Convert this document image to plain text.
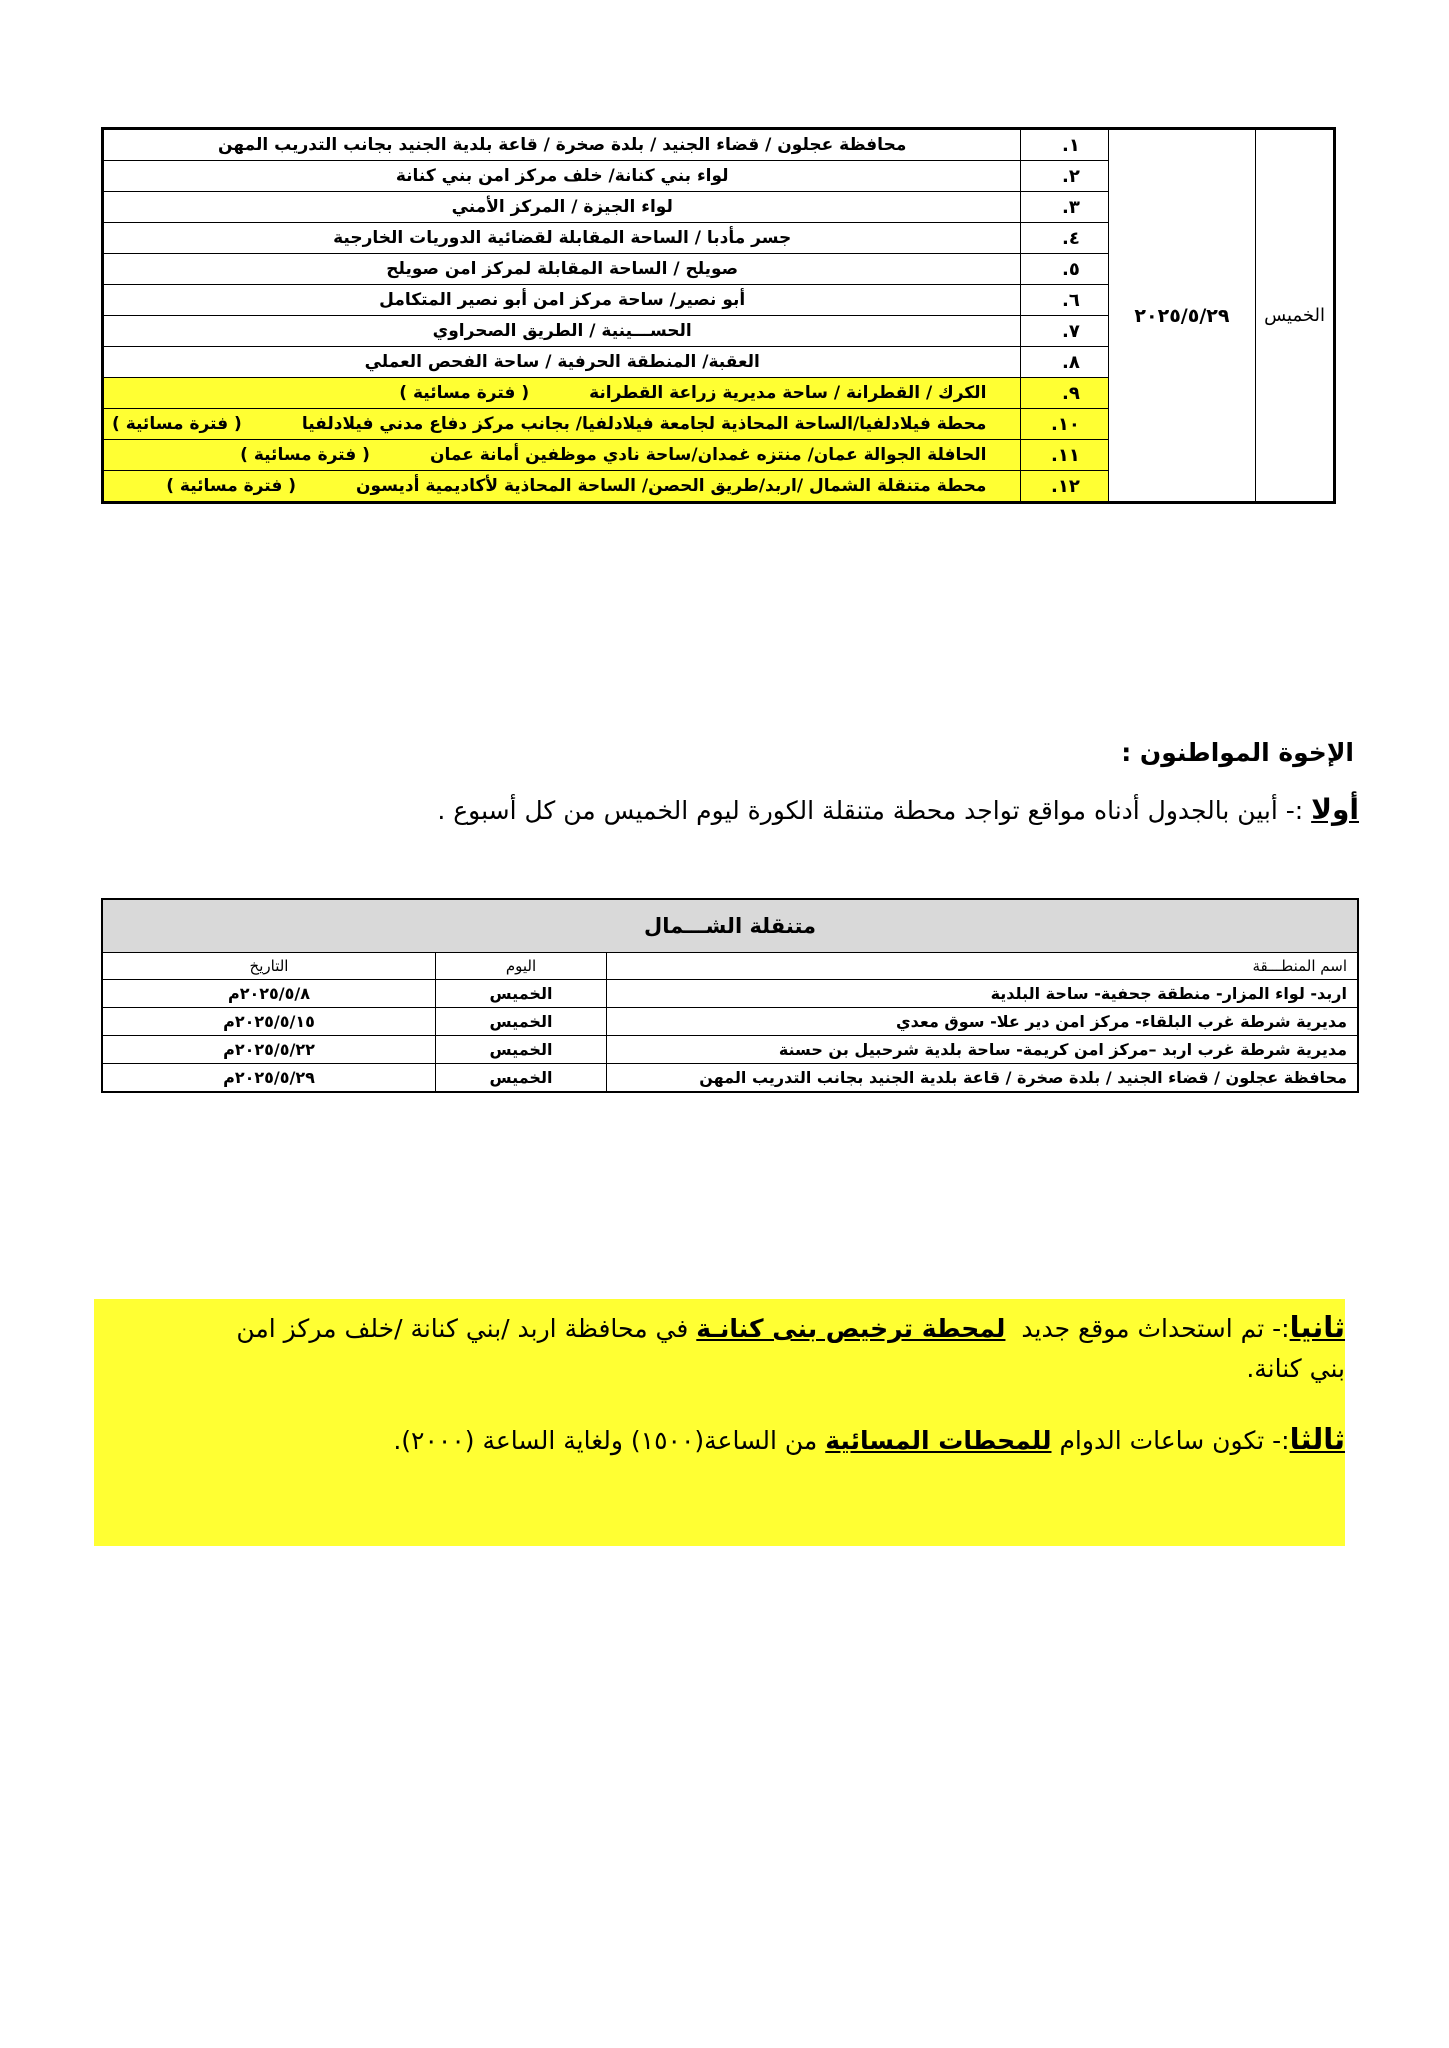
محافظة عجلون / قضاء الجنيد / بلدة صخرة / قاعة بلدية الجنيد بجانب التدريب المهن	.١	٢٠٢٥/٥/٢٩	الخميس
لواء بني كنانة/ خلف مركز امن بني كنانة	.٢		
لواء الجيزة / المركز الأمني	.٣		
جسر مأدبا / الساحة المقابلة لقضائية الدوريات الخارجية	.٤		
صويلح / الساحة المقابلة لمركز امن صويلح	.٥		
أبو نصير/ ساحة مركز امن أبو نصير المتكامل	.٦		
الحســـينية / الطريق الصحراوي	.٧		
العقبة/ المنطقة الحرفية / ساحة الفحص العملي	.٨		
الكرك / القطرانة / ساحة مديرية زراعة القطرانة( فترة مسائية )	.٩		
محطة فيلادلفيا/الساحة المحاذية لجامعة فيلادلفيا/ بجانب مركز دفاع مدني فيلادلفيا( فترة مسائية )	.١٠		
الحافلة الجوالة عمان/ منتزه غمدان/ساحة نادي موظفين أمانة عمان( فترة مسائية )	.١١		
محطة متنقلة الشمال /اربد/طريق الحصن/ الساحة المحاذية لأكاديمية أديسون( فترة مسائية )	.١٢		
الإخوة المواطنون :
أولا :- أبين بالجدول أدناه مواقع تواجد محطة متنقلة الكورة ليوم الخميس من كل أسبوع .
متنقلة الشـــمال		
اسم المنطـــقة	اليوم	التاريخ
اربد- لواء المزار- منطقة جحفية- ساحة البلدية	الخميس	٢٠٢٥/٥/٨م
مديرية شرطة غرب البلقاء- مركز امن دير علا- سوق معدي	الخميس	٢٠٢٥/٥/١٥م
مديرية شرطة غرب اربد –مركز امن كريمة- ساحة بلدية شرحبيل بن حسنة	الخميس	٢٠٢٥/٥/٢٢م
محافظة عجلون / قضاء الجنيد / بلدة صخرة / قاعة بلدية الجنيد بجانب التدريب المهن	الخميس	٢٠٢٥/٥/٢٩م
ثانيا:- تم استحداث موقع جديد  لمحطة ترخيص بنى كنانـة في محافظة اربد /بني كنانة /خلف مركز امن
بني كنانة.
ثالثا:- تكون ساعات الدوام للمحطات المسائية من الساعة(١٥٠٠) ولغاية الساعة (٢٠٠٠).
